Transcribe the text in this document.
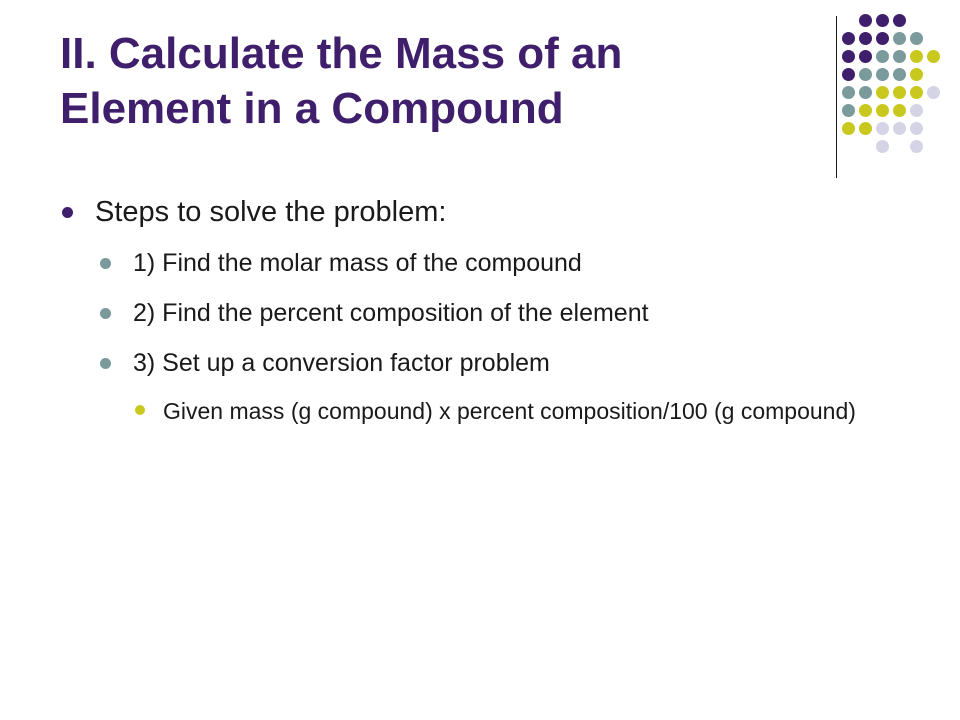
II. Calculate the Mass of an Element in a Compound
Steps to solve the problem:
1) Find the molar mass of the compound
2) Find the percent composition of the element
3) Set up a conversion factor problem
Given mass (g compound) x percent composition/100 (g compound)
